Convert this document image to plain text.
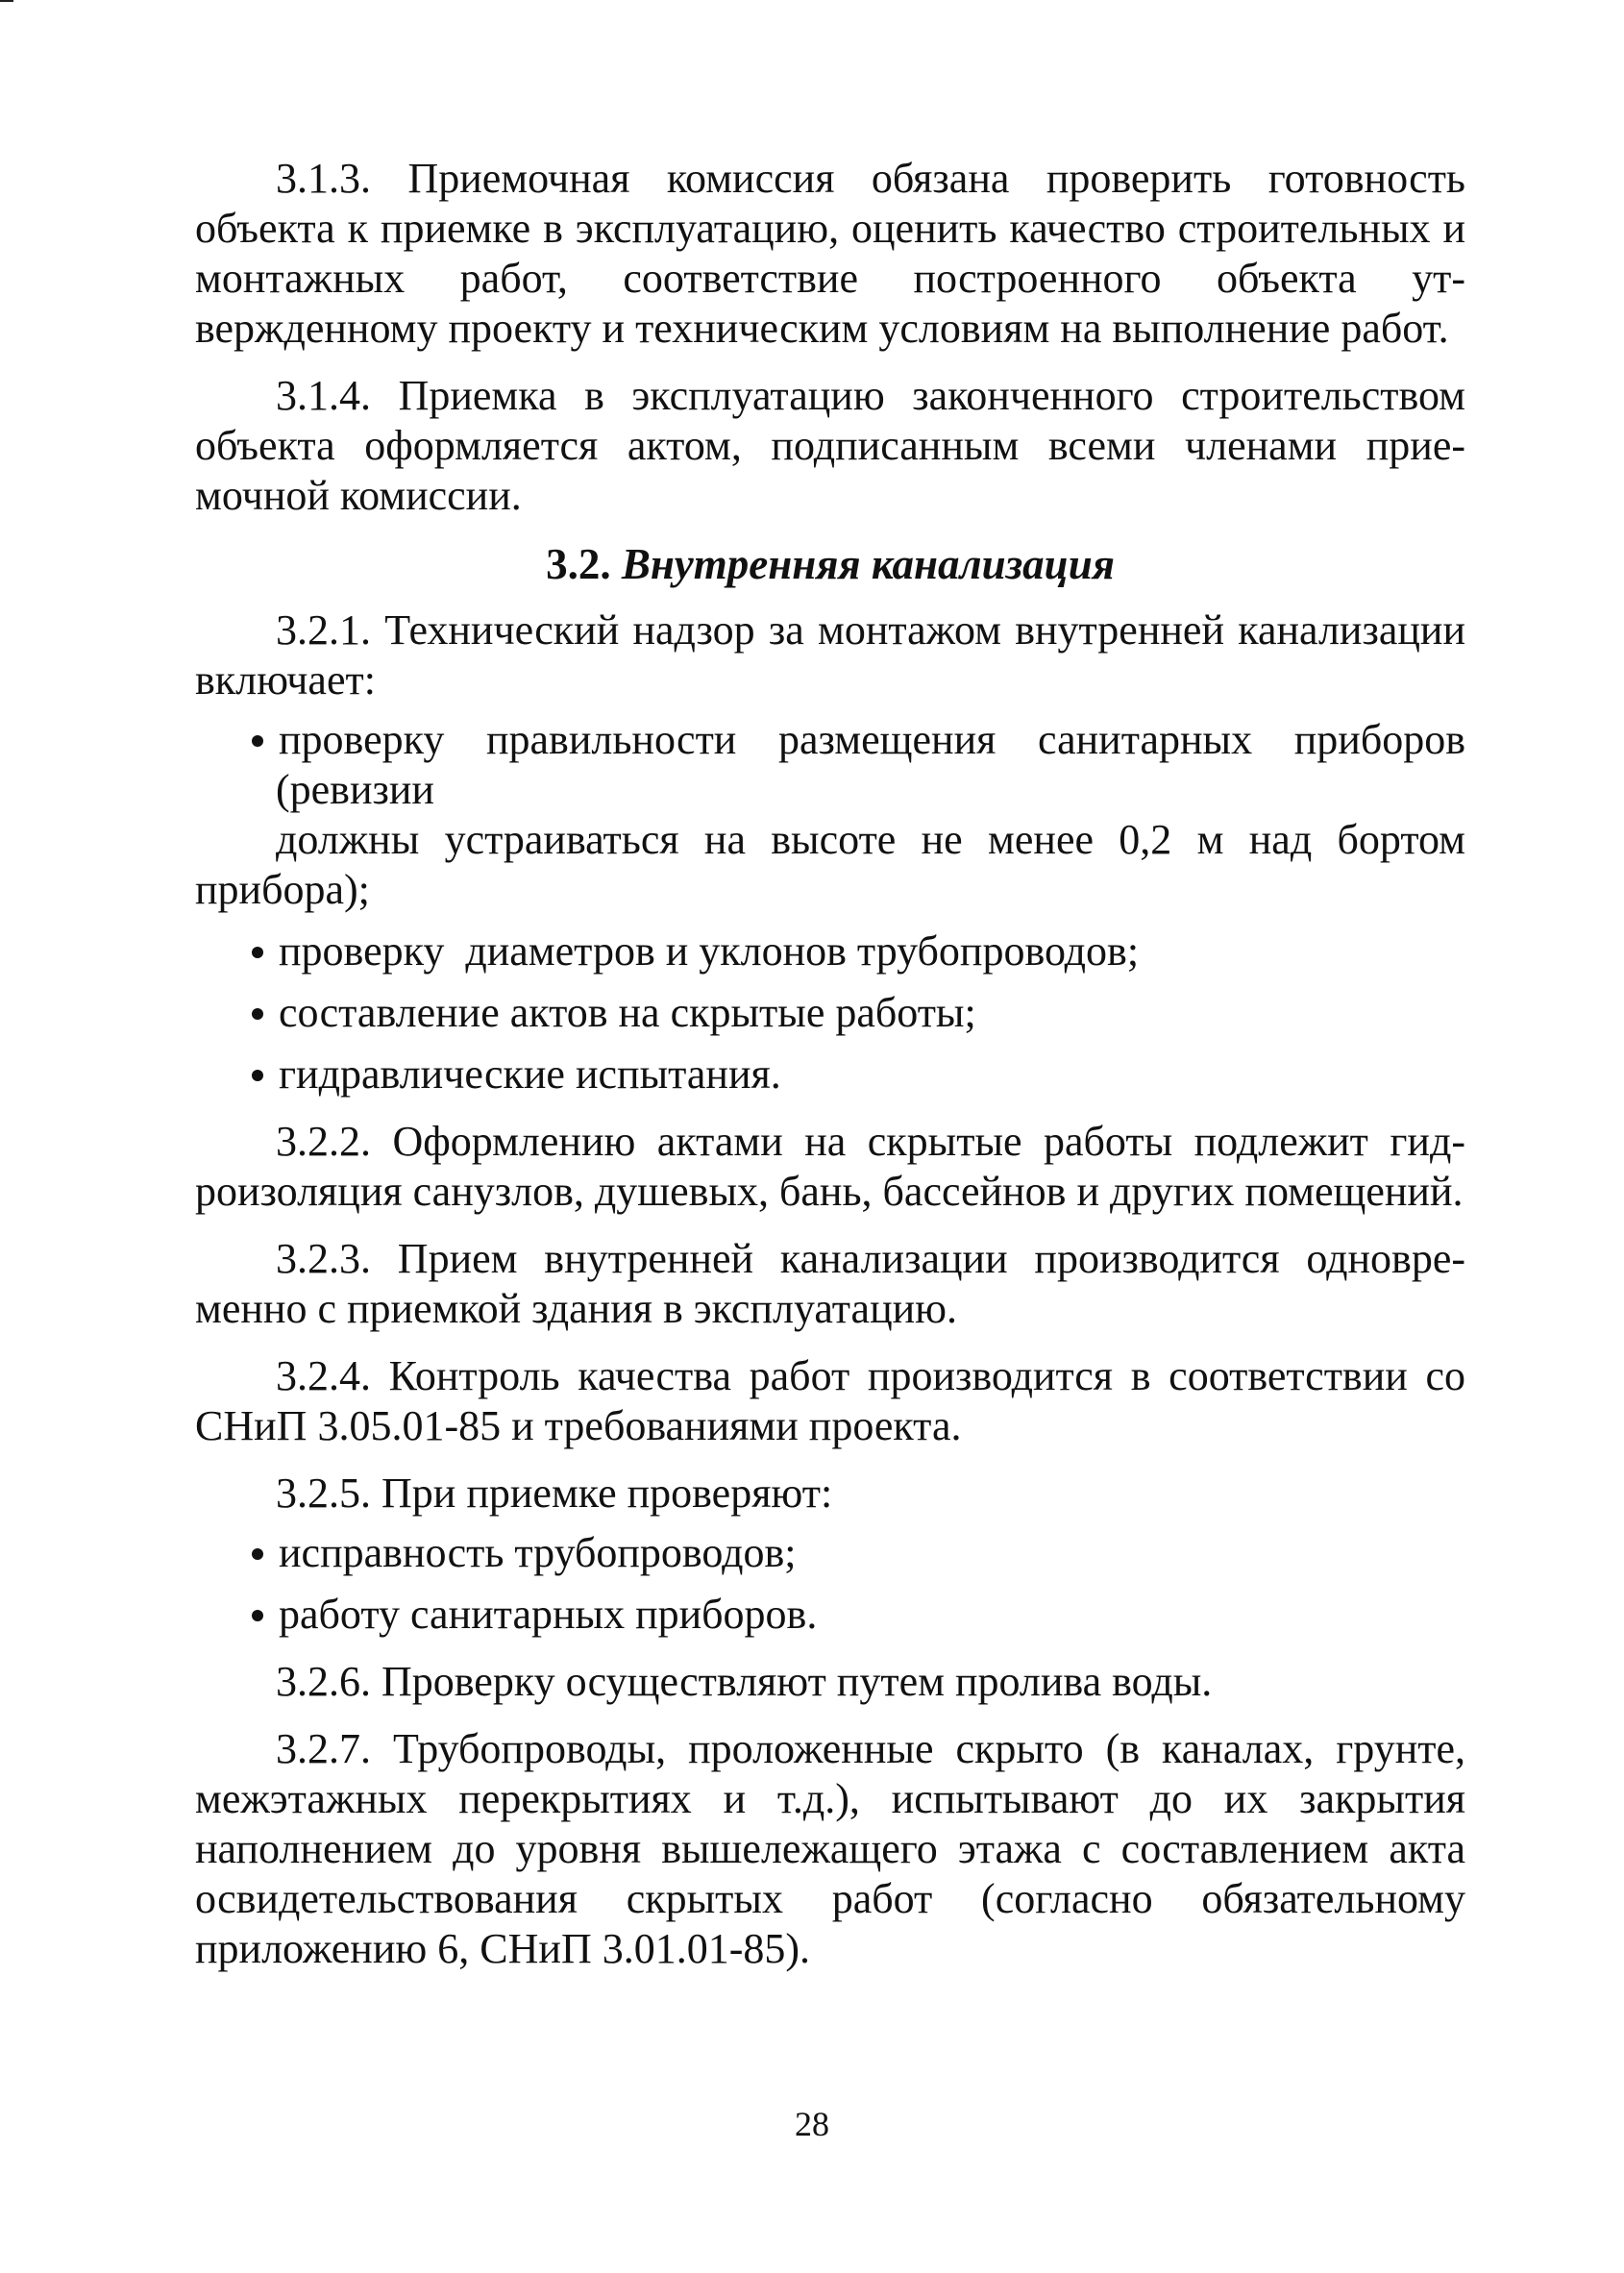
3.1.3. Приемочная комиссия обязана проверить готовность объекта к приемке в эксплуатацию, оценить качество строительных и монтажных работ, соответствие построенного объекта утвержденному проекту и техническим условиям на выполнение работ.

3.1.4. Приемка в эксплуатацию законченного строительством объекта оформляется актом, подписанным всеми членами приемочной комиссии.

3.2. Внутренняя канализация

3.2.1. Технический надзор за монтажом внутренней канализации включает:

проверку правильности размещения санитарных приборов (ревизии
должны устраиваться на высоте не менее 0,2 м над бортом прибора);
проверку  диаметров и уклонов трубопроводов;
составление актов на скрытые работы;
гидравлические испытания.

3.2.2. Оформлению актами на скрытые работы подлежит гидроизоляция санузлов, душевых, бань, бассейнов и других помещений.

3.2.3. Прием внутренней канализации производится одновременно с приемкой здания в эксплуатацию.

3.2.4. Контроль качества работ производится в соответствии со СНиП 3.05.01-85 и требованиями проекта.

3.2.5. При приемке проверяют:

исправность трубопроводов;
работу санитарных приборов.

3.2.6. Проверку осуществляют путем пролива воды.

3.2.7. Трубопроводы, проложенные скрыто (в каналах, грунте, межэтажных перекрытиях и т.д.), испытывают до их закрытия наполнением до уровня вышележащего этажа с составлением акта освидетельствования скрытых работ (согласно обязательному приложению 6, СНиП 3.01.01-85).

28
